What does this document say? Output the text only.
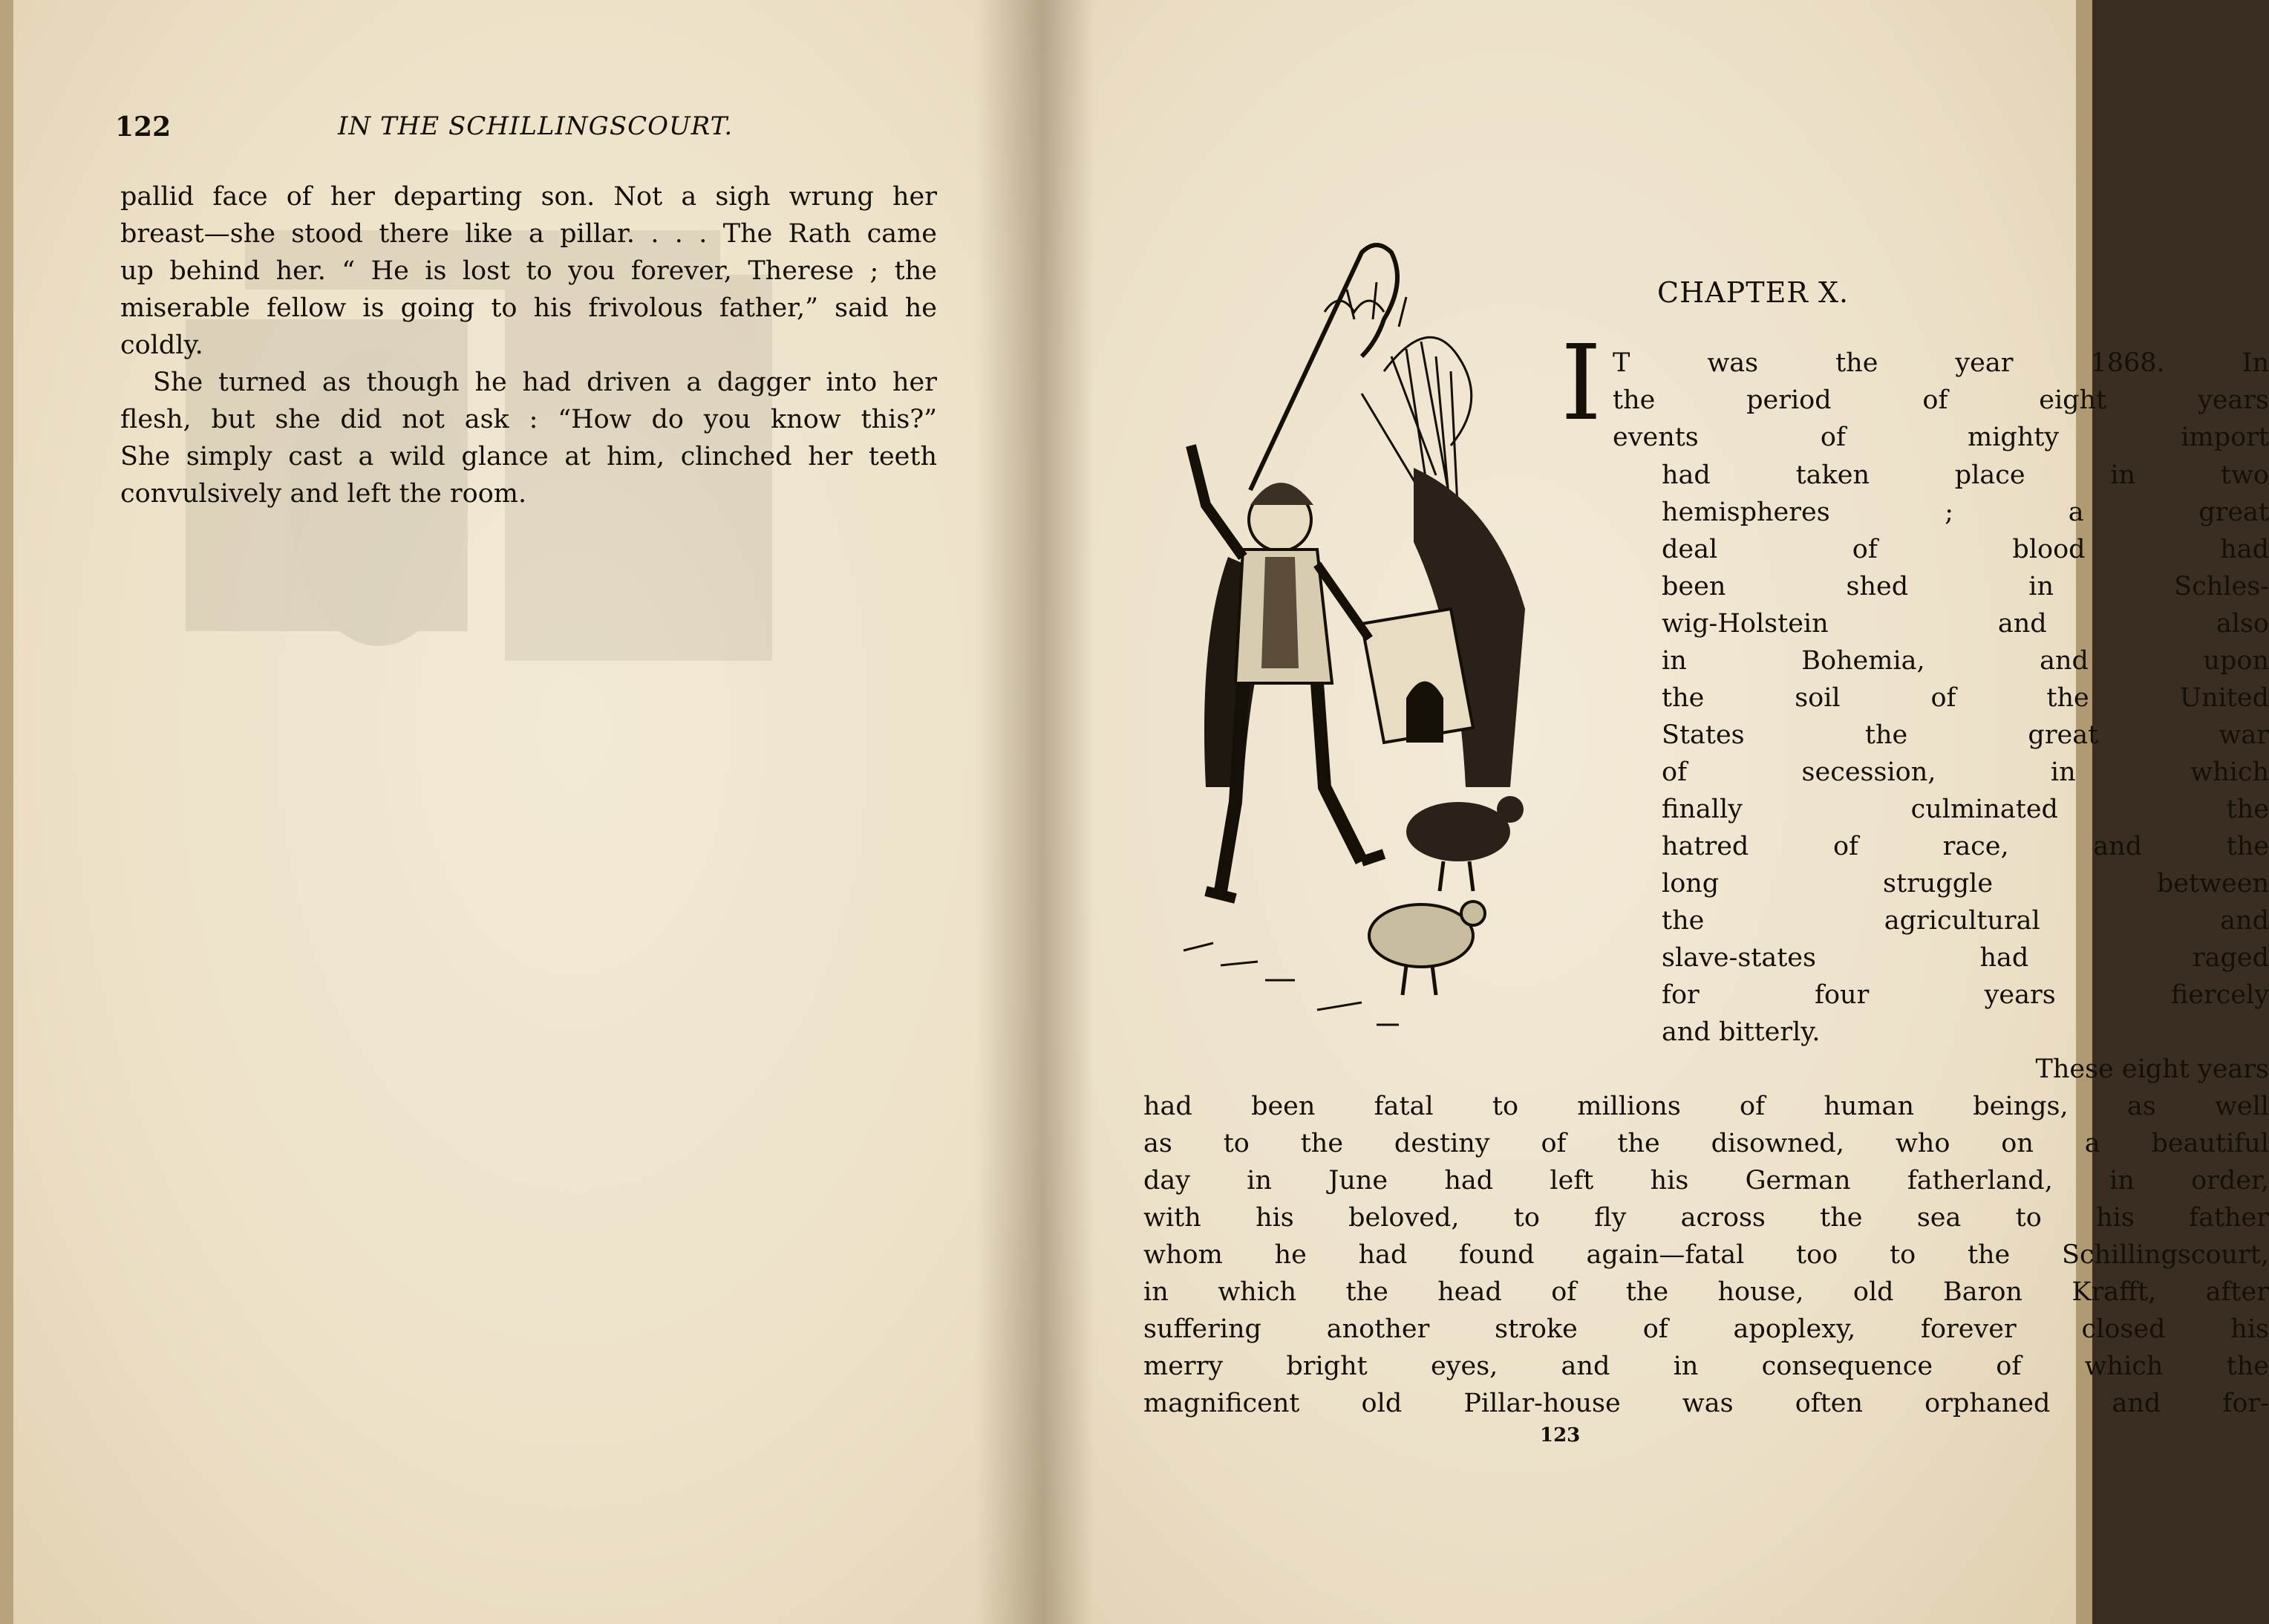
122	IN THE SCHILLINGSCOURT.

pallid face of her departing son. Not a sigh wrung her
breast—she stood there like a pillar. . . . The Rath came
up behind her. “ He is lost to you forever, Therese ; the
miserable fellow is going to his frivolous father,” said he
coldly.

She turned as though he had driven a dagger into her
flesh, but she did not ask : “How do you know this?”
She simply cast a wild glance at him, clinched her teeth
convulsively and left the room.

CHAPTER X.
I T was the year 1868. In
the period of eight years
events of mighty import
had taken place in two
hemispheres ; a great
deal of blood had
been shed in Schles-
wig-Holstein and also
in Bohemia, and upon
the soil of the United
States the great war
of secession, in which
finally culminated the
hatred of race, and the
long struggle between
the agricultural and
slave-states had raged
for four years fiercely
and bitterly.
These eight years
had been fatal to millions of human beings, as well
as to the destiny of the disowned, who on a beautiful
day in June had left his German fatherland, in order,
with his beloved, to fly across the sea to his father
whom he had found again—fatal too to the Schillingscourt,
in which the head of the house, old Baron Krafft, after
suffering another stroke of apoplexy, forever closed his
merry bright eyes, and in consequence of which the
magnificent old Pillar-house was often orphaned and for-
123
